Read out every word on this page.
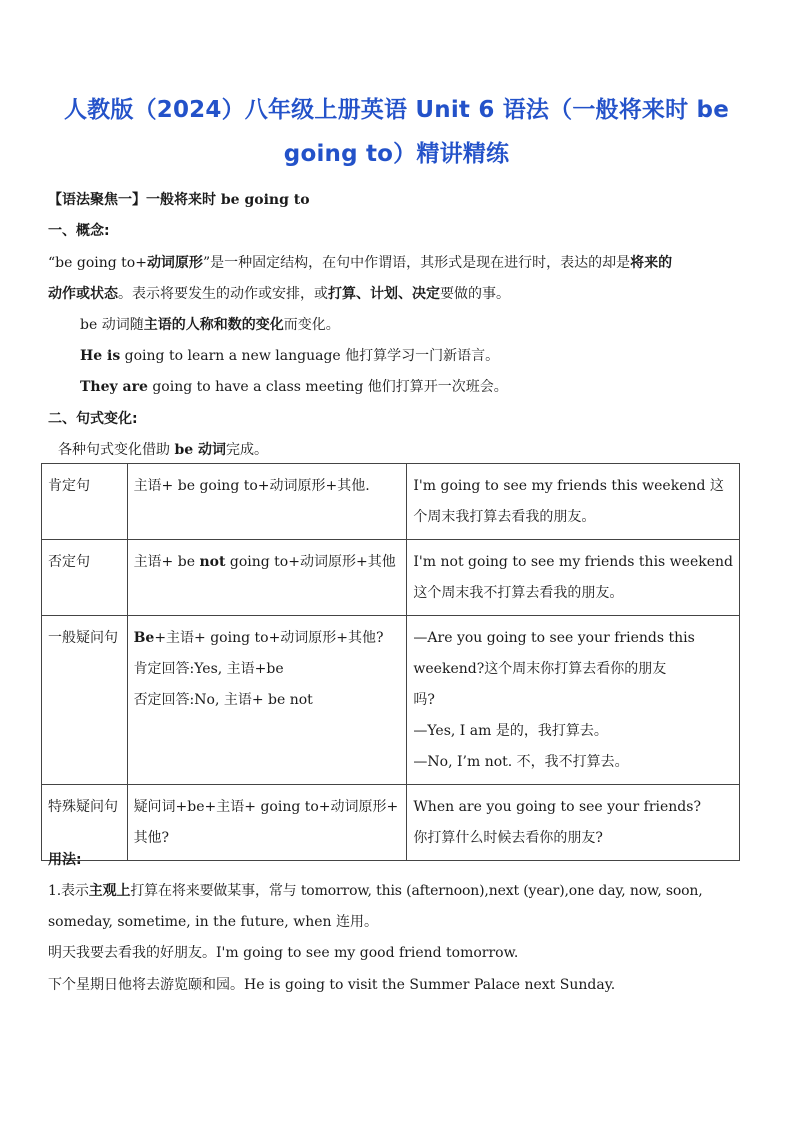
人教版（2024）八年级上册英语 Unit 6 语法（一般将来时 be
going to）精讲精练
【语法聚焦一】一般将来时 be going to
一、概念:
“be going to+动词原形”是一种固定结构，在句中作谓语，其形式是现在进行时，表达的却是将来的
动作或状态。表示将要发生的动作或安排，或打算、计划、决定要做的事。
be 动词随主语的人称和数的变化而变化。
He is going to learn a new language 他打算学习一门新语言。
They are going to have a class meeting 他们打算开一次班会。
二、句式变化:
各种句式变化借助 be 动词完成。
肯定句	主语+ be going to+动词原形+其他.	I'm going to see my friends this weekend 这
个周末我打算去看我的朋友。

否定句	主语+ be not going to+动词原形+其他	I'm not going to see my friends this weekend
这个周末我不打算去看我的朋友。

一般疑问句	Be+主语+ going to+动词原形+其他?
肯定回答:Yes, 主语+be
否定回答:No, 主语+ be not	—Are you going to see your friends this
weekend?这个周末你打算去看你的朋友
吗?
—Yes, I am 是的，我打算去。
—No, I’m not. 不，我不打算去。

特殊疑问句	疑问词+be+主语+ going to+动词原形+
其他?	When are you going to see your friends?
你打算什么时候去看你的朋友?
用法:
1.表示主观上打算在将来要做某事，常与 tomorrow, this (afternoon),next (year),one day, now, soon,
someday, sometime, in the future, when 连用。
明天我要去看我的好朋友。I'm going to see my good friend tomorrow.
下个星期日他将去游览颐和园。He is going to visit the Summer Palace next Sunday.
